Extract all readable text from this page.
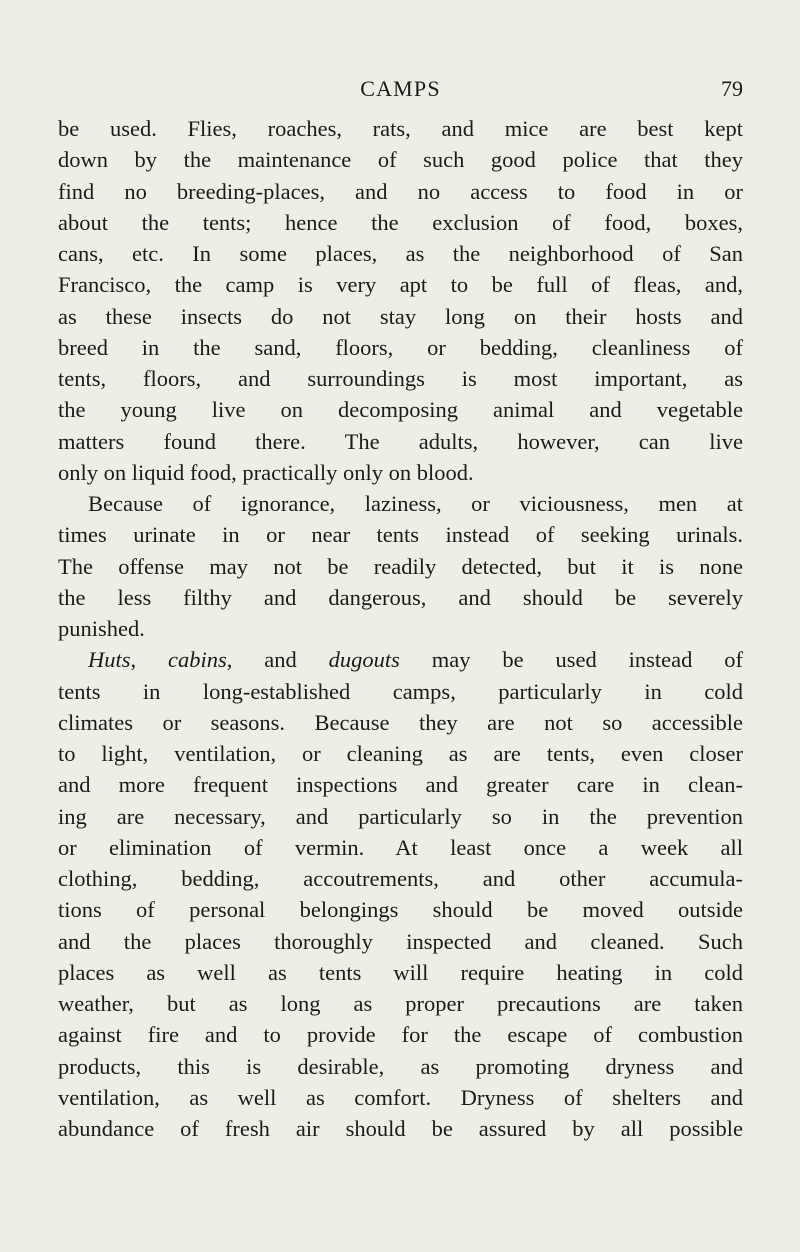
CAMPS	79
be used. Flies, roaches, rats, and mice are best kept
down by the maintenance of such good police that they
find no breeding-places, and no access to food in or
about the tents; hence the exclusion of food, boxes,
cans, etc. In some places, as the neighborhood of San
Francisco, the camp is very apt to be full of fleas, and,
as these insects do not stay long on their hosts and
breed in the sand, floors, or bedding, cleanliness of
tents, floors, and surroundings is most important, as
the young live on decomposing animal and vegetable
matters found there. The adults, however, can live
only on liquid food, practically only on blood.
Because of ignorance, laziness, or viciousness, men at
times urinate in or near tents instead of seeking urinals.
The offense may not be readily detected, but it is none
the less filthy and dangerous, and should be severely
punished.
Huts, cabins, and dugouts may be used instead of
tents in long-established camps, particularly in cold
climates or seasons. Because they are not so accessible
to light, ventilation, or cleaning as are tents, even closer
and more frequent inspections and greater care in clean-
ing are necessary, and particularly so in the prevention
or elimination of vermin. At least once a week all
clothing, bedding, accoutrements, and other accumula-
tions of personal belongings should be moved outside
and the places thoroughly inspected and cleaned. Such
places as well as tents will require heating in cold
weather, but as long as proper precautions are taken
against fire and to provide for the escape of combustion
products, this is desirable, as promoting dryness and
ventilation, as well as comfort. Dryness of shelters and
abundance of fresh air should be assured by all possible
